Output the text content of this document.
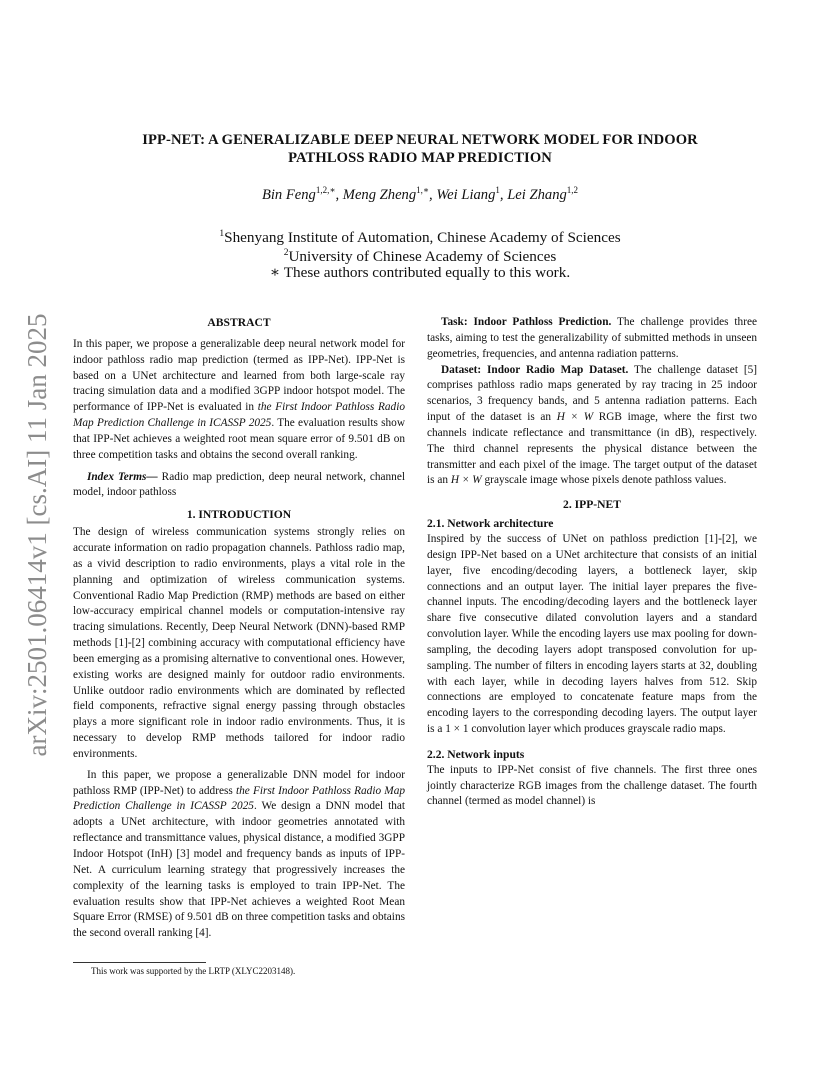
arXiv:2501.06414v1 [cs.AI] 11 Jan 2025
IPP-NET: A GENERALIZABLE DEEP NEURAL NETWORK MODEL FOR INDOOR
PATHLOSS RADIO MAP PREDICTION
Bin Feng$^{1,2,∗}$, Meng Zheng$^{1,∗}$, Wei Liang$^1$, Lei Zhang$^{1,2}$
$^1$Shenyang Institute of Automation, Chinese Academy of Sciences
$^2$University of Chinese Academy of Sciences
∗ These authors contributed equally to this work.

ABSTRACT

In this paper, we propose a generalizable deep neural network model for indoor pathloss radio map prediction (termed as IPP-Net). IPP-Net is based on a UNet architecture and learned from both large-scale ray tracing simulation data and a modified 3GPP indoor hotspot model. The performance of IPP-Net is evaluated in the First Indoor Pathloss Radio Map Prediction Challenge in ICASSP 2025. The evaluation results show that IPP-Net achieves a weighted root mean square error of 9.501 dB on three competition tasks and obtains the second overall ranking.

Index Terms— Radio map prediction, deep neural network, channel model, indoor pathloss

1. INTRODUCTION

The design of wireless communication systems strongly relies on accurate information on radio propagation channels. Pathloss radio map, as a vivid description to radio environments, plays a vital role in the planning and optimization of wireless communication systems. Conventional Radio Map Prediction (RMP) methods are based on either low-accuracy empirical channel models or computation-intensive ray tracing simulations. Recently, Deep Neural Network (DNN)-based RMP methods [1]-[2] combining accuracy with computational efficiency have been emerging as a promising alternative to conventional ones. However, existing works are designed mainly for outdoor radio environments. Unlike outdoor radio environments which are dominated by reflected field components, refractive signal energy passing through obstacles plays a more significant role in indoor radio environments. Thus, it is necessary to develop RMP methods tailored for indoor radio environments.

In this paper, we propose a generalizable DNN model for indoor pathloss RMP (IPP-Net) to address the First Indoor Pathloss Radio Map Prediction Challenge in ICASSP 2025. We design a DNN model that adopts a UNet architecture, with indoor geometries annotated with reflectance and transmittance values, physical distance, a modified 3GPP Indoor Hotspot (InH) [3] model and frequency bands as inputs of IPP-Net. A curriculum learning strategy that progressively increases the complexity of the learning tasks is employed to train IPP-Net. The evaluation results show that IPP-Net achieves a weighted Root Mean Square Error (RMSE) of 9.501 dB on three competition tasks and obtains the second overall ranking [4].

Task: Indoor Pathloss Prediction. The challenge provides three tasks, aiming to test the generalizability of submitted methods in unseen geometries, frequencies, and antenna radiation patterns.

Dataset: Indoor Radio Map Dataset. The challenge dataset [5] comprises pathloss radio maps generated by ray tracing in 25 indoor scenarios, 3 frequency bands, and 5 antenna radiation patterns. Each input of the dataset is an H × W RGB image, where the first two channels indicate reflectance and transmittance (in dB), respectively. The third channel represents the physical distance between the transmitter and each pixel of the image. The target output of the dataset is an H × W grayscale image whose pixels denote pathloss values.

2. IPP-NET

2.1. Network architecture

Inspired by the success of UNet on pathloss prediction [1]-[2], we design IPP-Net based on a UNet architecture that consists of an initial layer, five encoding/decoding layers, a bottleneck layer, skip connections and an output layer. The initial layer prepares the five-channel inputs. The encoding/decoding layers and the bottleneck layer share five consecutive dilated convolution layers and a standard convolution layer. While the encoding layers use max pooling for down-sampling, the decoding layers adopt transposed convolution for up-sampling. The number of filters in encoding layers starts at 32, doubling with each layer, while in decoding layers halves from 512. Skip connections are employed to concatenate feature maps from the encoding layers to the corresponding decoding layers. The output layer is a 1 × 1 convolution layer which produces grayscale radio maps.

2.2. Network inputs

The inputs to IPP-Net consist of five channels. The first three ones jointly characterize RGB images from the challenge dataset. The fourth channel (termed as model channel) is

This work was supported by the LRTP (XLYC2203148).
